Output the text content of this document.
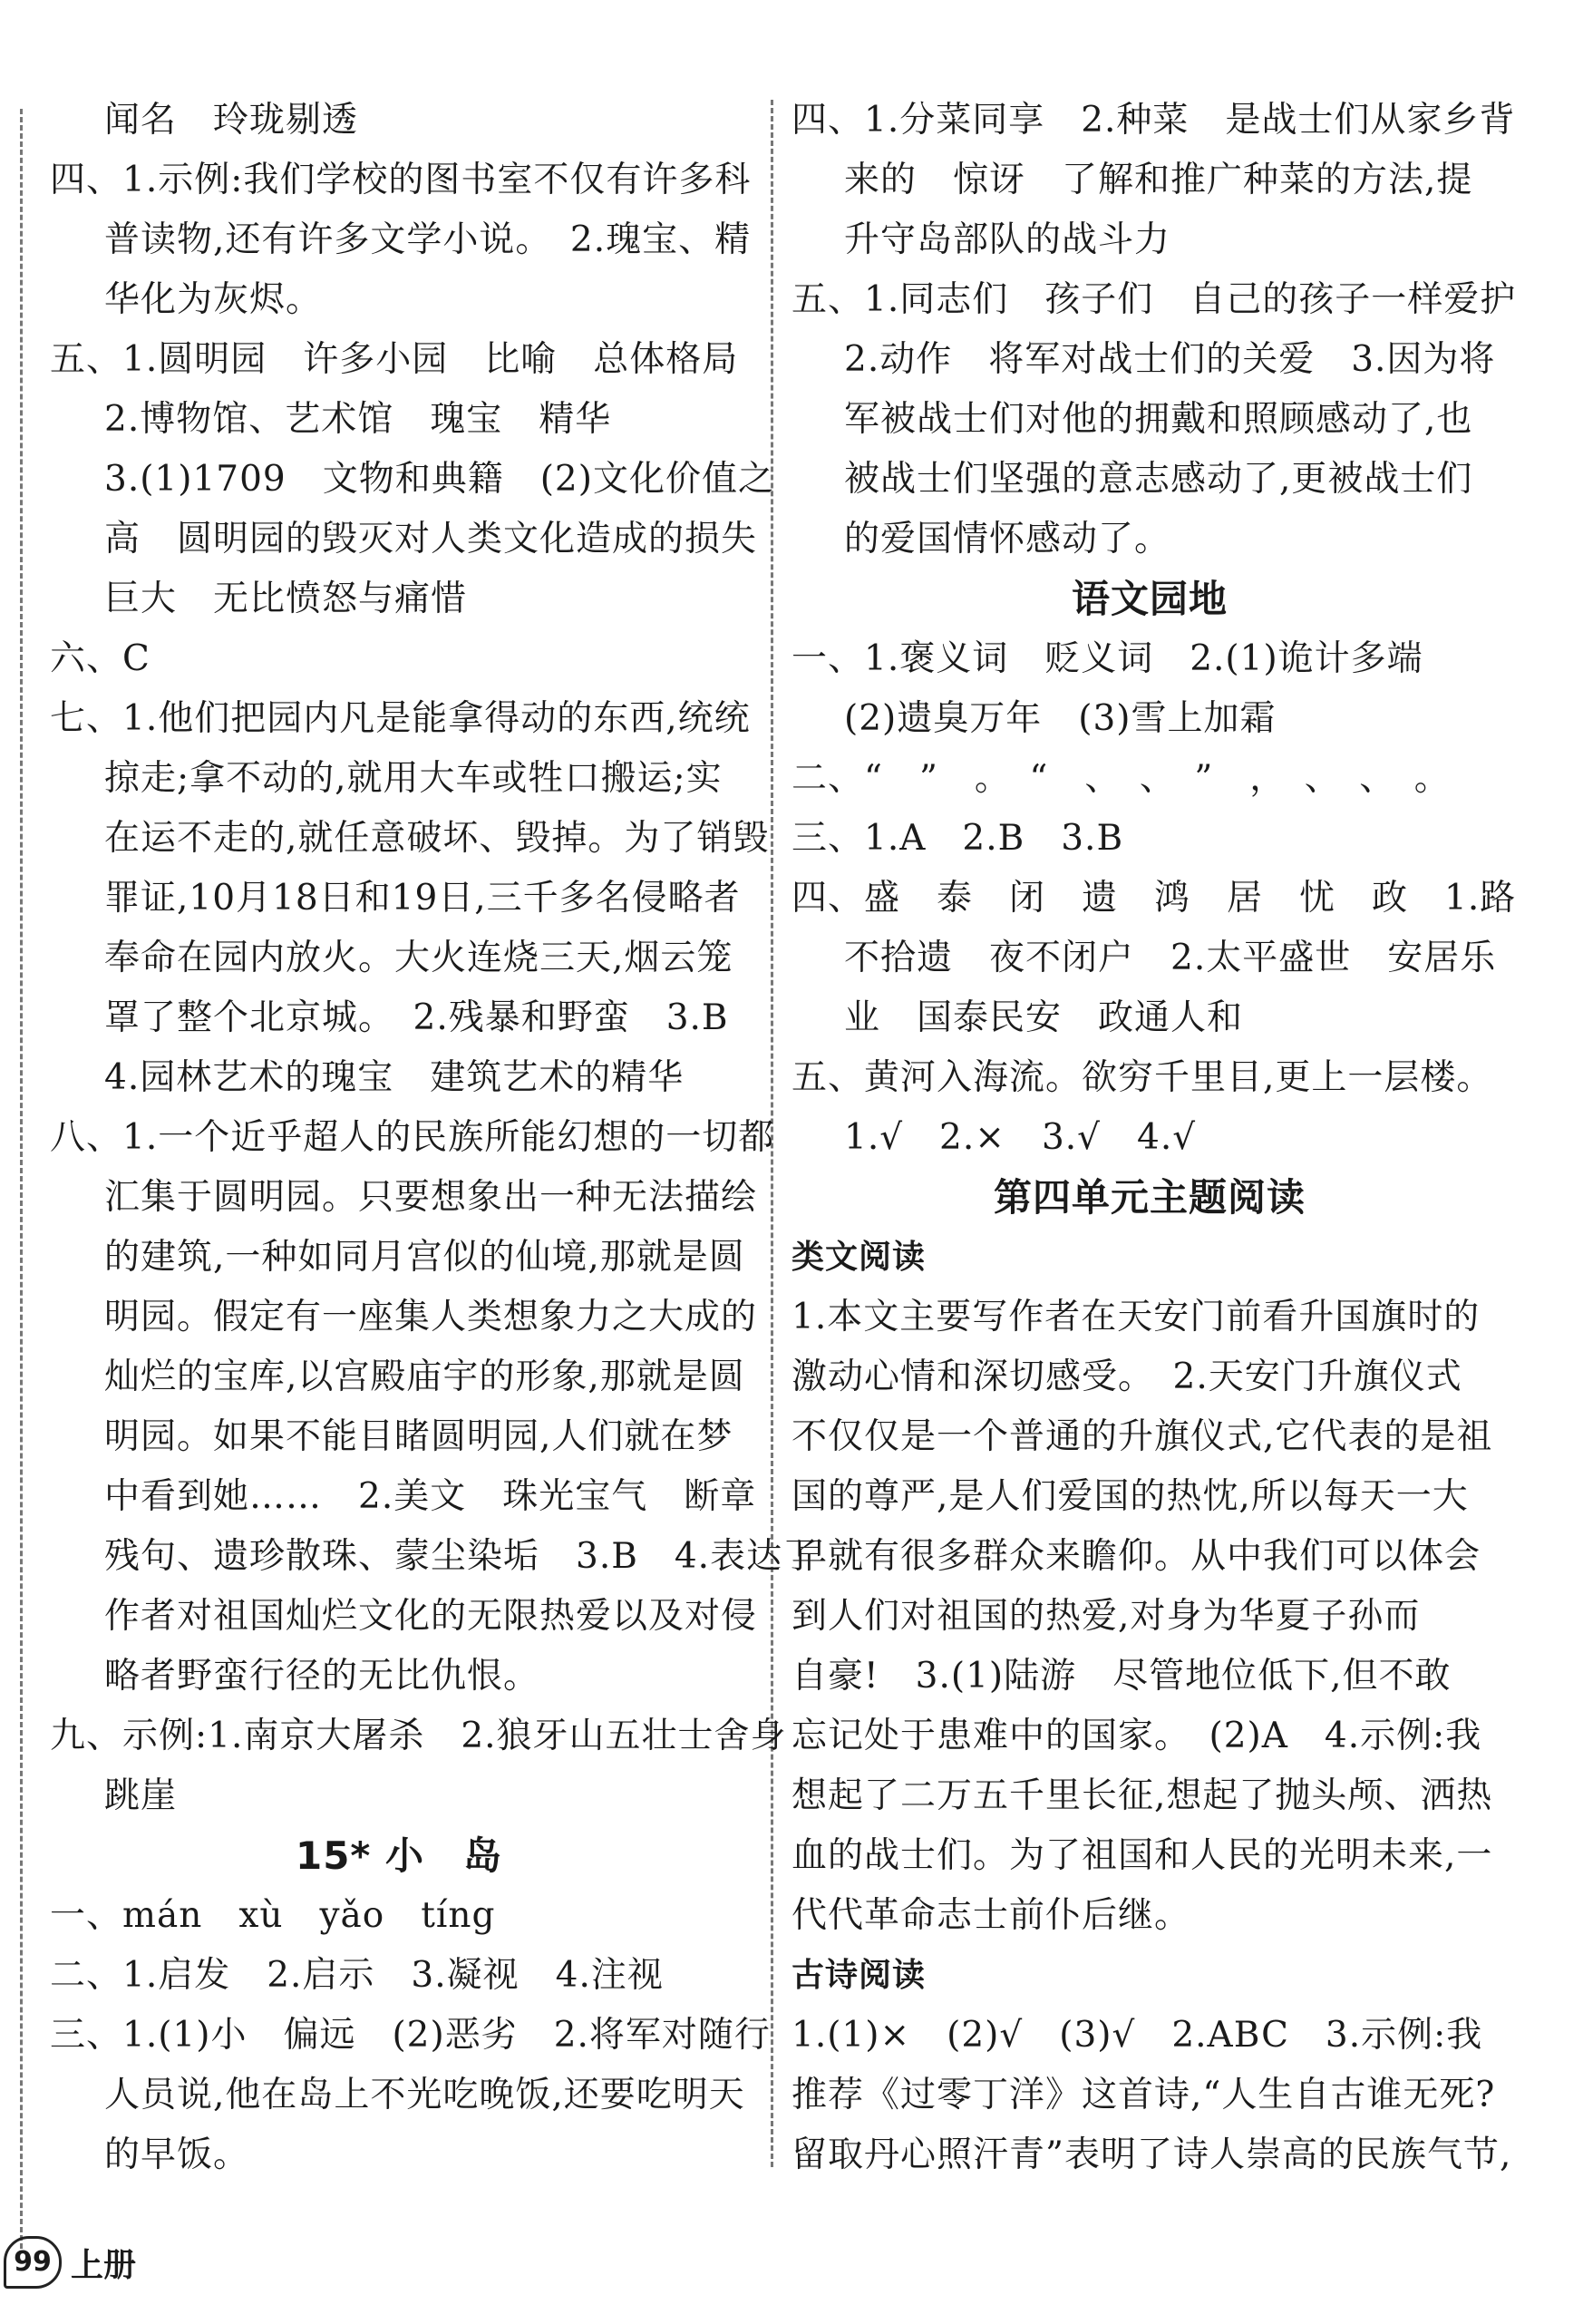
闻名　玲珑剔透
四、1.示例:我们学校的图书室不仅有许多科
普读物,还有许多文学小说。　2.瑰宝、精
华化为灰烬。
五、1.圆明园　许多小园　比喻　总体格局
2.博物馆、艺术馆　瑰宝　精华
3.(1)1709　文物和典籍　(2)文化价值之
高　圆明园的毁灭对人类文化造成的损失
巨大　无比愤怒与痛惜
六、C
七、1.他们把园内凡是能拿得动的东西,统统
掠走;拿不动的,就用大车或牲口搬运;实
在运不走的,就任意破坏、毁掉。为了销毁
罪证,10月18日和19日,三千多名侵略者
奉命在园内放火。大火连烧三天,烟云笼
罩了整个北京城。　2.残暴和野蛮　3.B
4.园林艺术的瑰宝　建筑艺术的精华
八、1.一个近乎超人的民族所能幻想的一切都
汇集于圆明园。只要想象出一种无法描绘
的建筑,一种如同月宫似的仙境,那就是圆
明园。假定有一座集人类想象力之大成的
灿烂的宝库,以宫殿庙宇的形象,那就是圆
明园。如果不能目睹圆明园,人们就在梦
中看到她……　2.美文　珠光宝气　断章
残句、遗珍散珠、蒙尘染垢　3.B　4.表达了
作者对祖国灿烂文化的无限热爱以及对侵
略者野蛮行径的无比仇恨。
九、示例:1.南京大屠杀　2.狼牙山五壮士舍身
跳崖
15* 小　岛
一、mán　xù　yǎo　tíng
二、1.启发　2.启示　3.凝视　4.注视
三、1.(1)小　偏远　(2)恶劣　2.将军对随行
人员说,他在岛上不光吃晚饭,还要吃明天
的早饭。
四、1.分菜同享　2.种菜　是战士们从家乡背
来的　惊讶　了解和推广种菜的方法,提
升守岛部队的战斗力
五、1.同志们　孩子们　自己的孩子一样爱护
2.动作　将军对战士们的关爱　3.因为将
军被战士们对他的拥戴和照顾感动了,也
被战士们坚强的意志感动了,更被战士们
的爱国情怀感动了。
语文园地
一、1.褒义词　贬义词　2.(1)诡计多端
(2)遗臭万年　(3)雪上加霜
二、“　”　。　“　、　、　”　，　、　、　。
三、1.A　2.B　3.B
四、盛　泰　闭　遗　鸿　居　忧　政　1.路
不拾遗　夜不闭户　2.太平盛世　安居乐
业　国泰民安　政通人和
五、黄河入海流。欲穷千里目,更上一层楼。
1.√　2.×　3.√　4.√
第四单元主题阅读
类文阅读
1.本文主要写作者在天安门前看升国旗时的
激动心情和深切感受。　2.天安门升旗仪式
不仅仅是一个普通的升旗仪式,它代表的是祖
国的尊严,是人们爱国的热忱,所以每天一大
早就有很多群众来瞻仰。从中我们可以体会
到人们对祖国的热爱,对身为华夏子孙而
自豪!　3.(1)陆游　尽管地位低下,但不敢
忘记处于患难中的国家。　(2)A　4.示例:我
想起了二万五千里长征,想起了抛头颅、洒热
血的战士们。为了祖国和人民的光明未来,一
代代革命志士前仆后继。
古诗阅读
1.(1)×　(2)√　(3)√　2.ABC　3.示例:我
推荐《过零丁洋》这首诗,“人生自古谁无死?
留取丹心照汗青”表明了诗人崇高的民族气节,
99 上册
